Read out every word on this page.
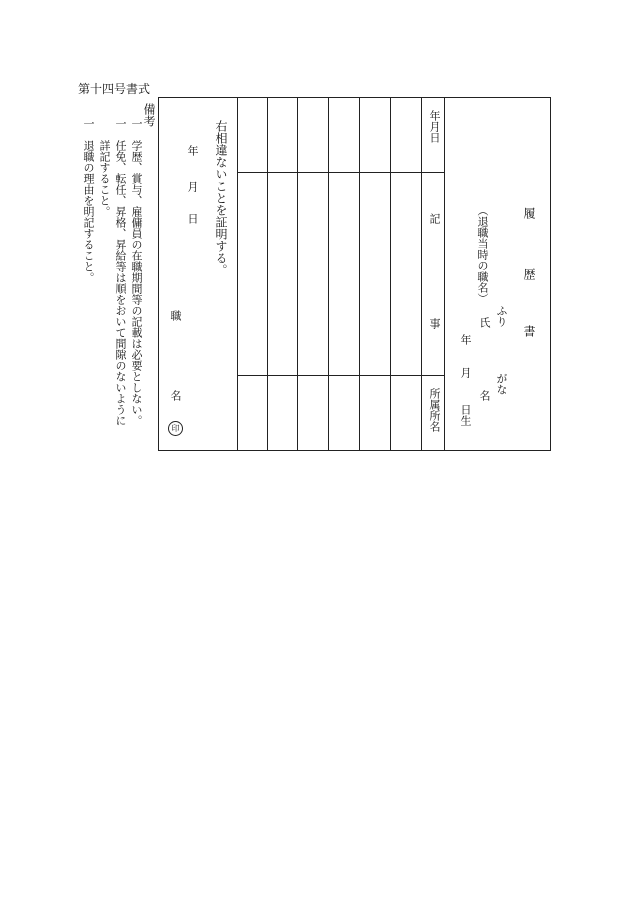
第十四号書式
年月日
記
事
所属所名
履
歴
書
ふり
がな
（退職当時の職名）
氏
名
年
月
日生
右相違ないことを証明する。
年
月
日
職
名
印
備考
一　学歴、賞与、雇傭員の在職期間等の記載は必要としない。
一　任免、転任、昇格、昇給等は順をおいて間隙のないように
　　詳記すること。
一　退職の理由を明記すること。
